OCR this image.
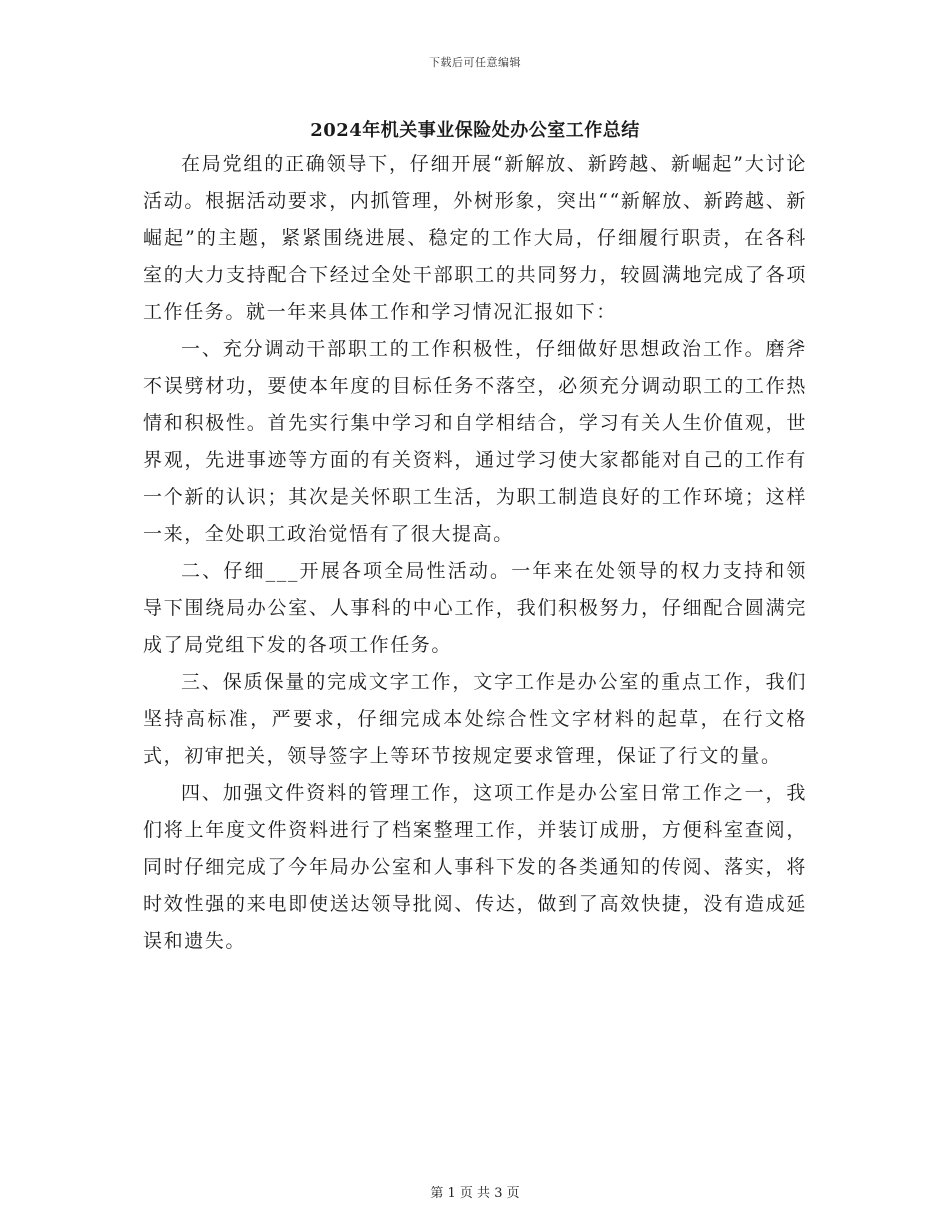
下载后可任意编辑
2024年机关事业保险处办公室工作总结

在局党组的正确领导下，仔细开展“新解放、新跨越、新崛起”大讨论活动。根据活动要求，内抓管理，外树形象，突出““新解放、新跨越、新崛起”的主题，紧紧围绕进展、稳定的工作大局，仔细履行职责，在各科室的大力支持配合下经过全处干部职工的共同努力，较圆满地完成了各项工作任务。就一年来具体工作和学习情况汇报如下：

一、充分调动干部职工的工作积极性，仔细做好思想政治工作。磨斧不误劈材功，要使本年度的目标任务不落空，必须充分调动职工的工作热情和积极性。首先实行集中学习和自学相结合，学习有关人生价值观，世界观，先进事迹等方面的有关资料，通过学习使大家都能对自己的工作有一个新的认识；其次是关怀职工生活，为职工制造良好的工作环境；这样一来，全处职工政治觉悟有了很大提高。

二、仔细___开展各项全局性活动。一年来在处领导的权力支持和领导下围绕局办公室、人事科的中心工作，我们积极努力，仔细配合圆满完成了局党组下发的各项工作任务。

三、保质保量的完成文字工作，文字工作是办公室的重点工作，我们坚持高标准，严要求，仔细完成本处综合性文字材料的起草，在行文格式，初审把关，领导签字上等环节按规定要求管理，保证了行文的量。

四、加强文件资料的管理工作，这项工作是办公室日常工作之一，我们将上年度文件资料进行了档案整理工作，并装订成册，方便科室查阅，同时仔细完成了今年局办公室和人事科下发的各类通知的传阅、落实，将时效性强的来电即使送达领导批阅、传达，做到了高效快捷，没有造成延误和遗失。

第 1 页 共 3 页
